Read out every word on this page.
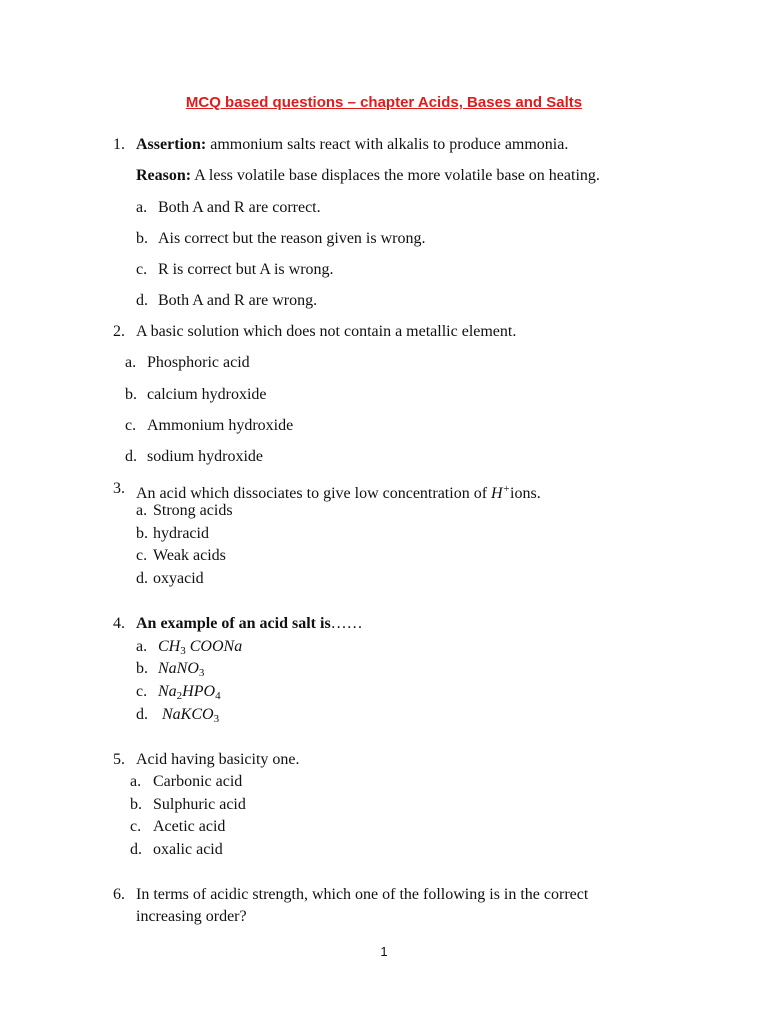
MCQ based questions – chapter Acids, Bases and Salts
1. Assertion: ammonium salts react with alkalis to produce ammonia.
Reason: A less volatile base displaces the more volatile base on heating.
a. Both A and R are correct.
b. Ais correct but the reason given is wrong.
c. R is correct but A is wrong.
d. Both A and R are wrong.
2. A basic solution which does not contain a metallic element.
a. Phosphoric acid
b. calcium hydroxide
c. Ammonium hydroxide
d. sodium hydroxide
3. An acid which dissociates to give low concentration of H+ions.
a. Strong acids
b. hydracid
c. Weak acids
d. oxyacid
4. An example of an acid salt is……
a. $CH_3$ COONa
b. NaNO$_3$
c. $Na_2HPO_4$
d. NaKCO$_3$
5. Acid having basicity one.
a. Carbonic acid
b. Sulphuric acid
c. Acetic acid
d. oxalic acid
6. In terms of acidic strength, which one of the following is in the correct
increasing order?
1
